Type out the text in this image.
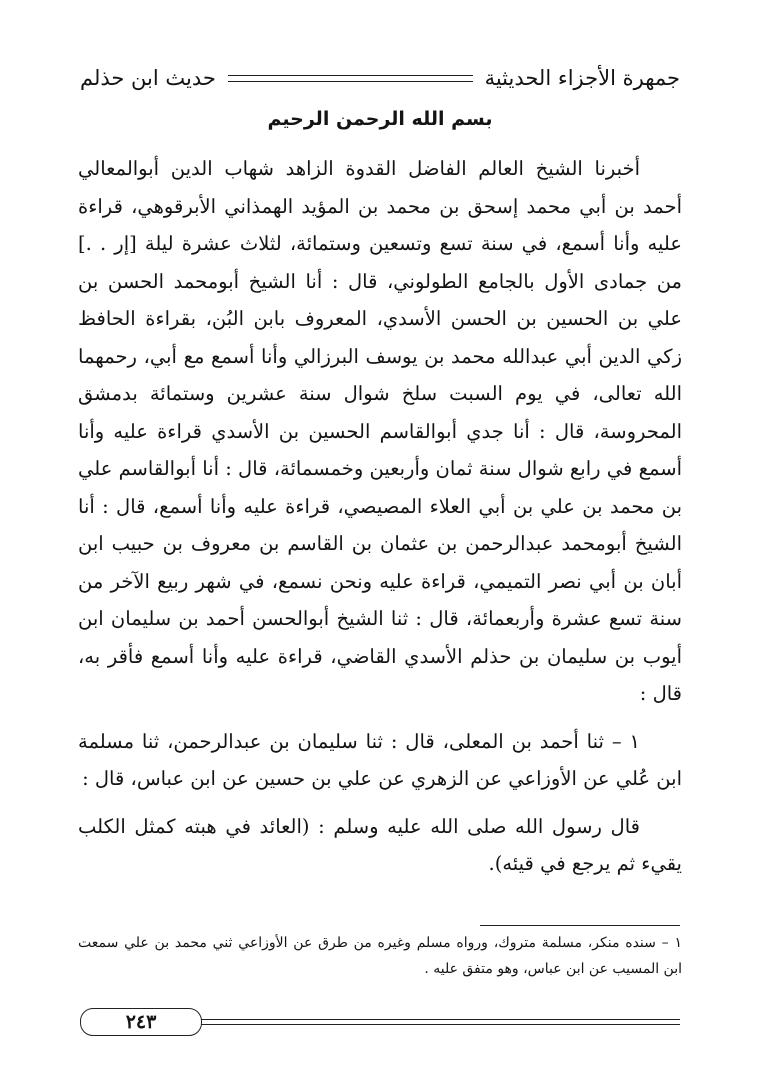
جمهرة الأجزاء الحديثية
حديث ابن حذلم
بسم الله الرحمن الرحيم

أخبرنا الشيخ العالم الفاضل القدوة الزاهد شهاب الدين أبوالمعالي أحمد بن أبي محمد إسحق بن محمد بن المؤيد الهمذاني الأبرقوهي، قراءة عليه وأنا أسمع، في سنة تسع وتسعين وستمائة، لثلاث عشرة ليلة [إر . .] من جمادى الأول بالجامع الطولوني، قال : أنا الشيخ أبومحمد الحسن بن علي بن الحسين بن الحسن الأسدي، المعروف بابن البُن، بقراءة الحافظ زكي الدين أبي عبدالله محمد بن يوسف البرزالي وأنا أسمع مع أبي، رحمهما الله تعالى، في يوم السبت سلخ شوال سنة عشرين وستمائة بدمشق المحروسة، قال : أنا جدي أبوالقاسم الحسين بن الأسدي قراءة عليه وأنا أسمع في رابع شوال سنة ثمان وأربعين وخمسمائة، قال : أنا أبوالقاسم علي بن محمد بن علي بن أبي العلاء المصيصي، قراءة عليه وأنا أسمع، قال : أنا الشيخ أبومحمد عبدالرحمن بن عثمان بن القاسم بن معروف بن حبيب ابن أبان بن أبي نصر التميمي، قراءة عليه ونحن نسمع، في شهر ربيع الآخر من سنة تسع عشرة وأربعمائة، قال : ثنا الشيخ أبوالحسن أحمد بن سليمان ابن أيوب بن سليمان بن حذلم الأسدي القاضي، قراءة عليه وأنا أسمع فأقر به، قال :

١ – ثنا أحمد بن المعلى، قال : ثنا سليمان بن عبدالرحمن، ثنا مسلمة ابن عُلي عن الأوزاعي عن الزهري عن علي بن حسين عن ابن عباس، قال :

قال رسول الله صلى الله عليه وسلم : (العائد في هبته كمثل الكلب يقيء ثم يرجع في قيئه).

١ – سنده منكر، مسلمة متروك، ورواه مسلم وغيره من طرق عن الأوزاعي ثني محمد بن علي سمعت ابن المسيب عن ابن عباس، وهو متفق عليه .

٢٤٣
